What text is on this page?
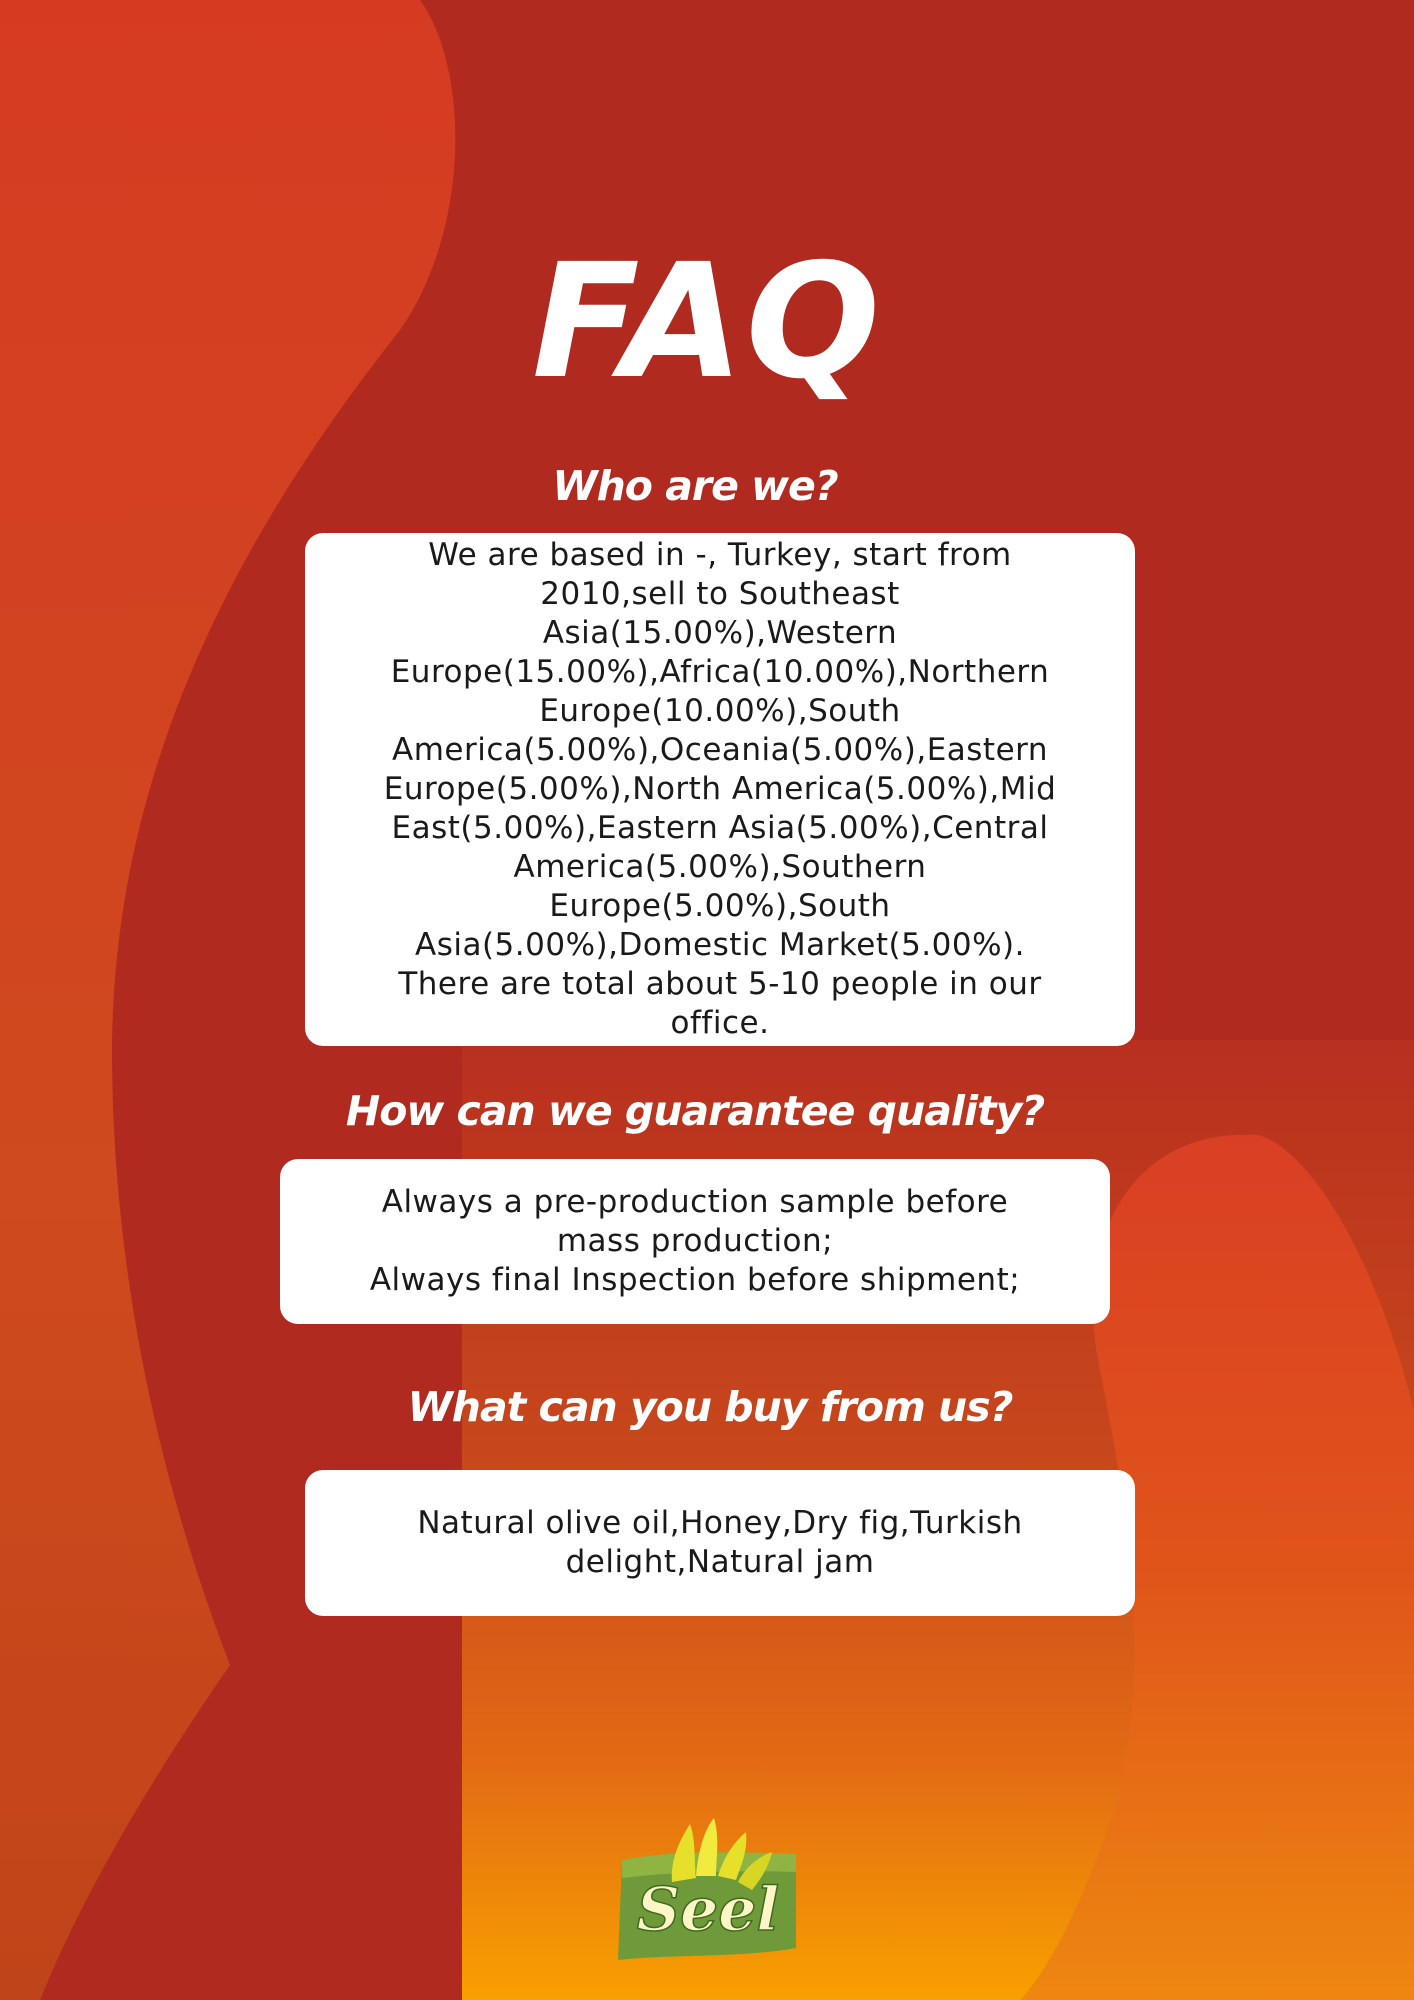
FAQ
Who are we?
We are based in -, Turkey, start from
2010,sell to Southeast
Asia(15.00%),Western
Europe(15.00%),Africa(10.00%),Northern
Europe(10.00%),South
America(5.00%),Oceania(5.00%),Eastern
Europe(5.00%),North America(5.00%),Mid
East(5.00%),Eastern Asia(5.00%),Central
America(5.00%),Southern
Europe(5.00%),South
Asia(5.00%),Domestic Market(5.00%).
There are total about 5-10 people in our
office.
How can we guarantee quality?
Always a pre-production sample before
mass production;
Always final Inspection before shipment;
What can you buy from us?
Natural olive oil,Honey,Dry fig,Turkish
delight,Natural jam
Seel
